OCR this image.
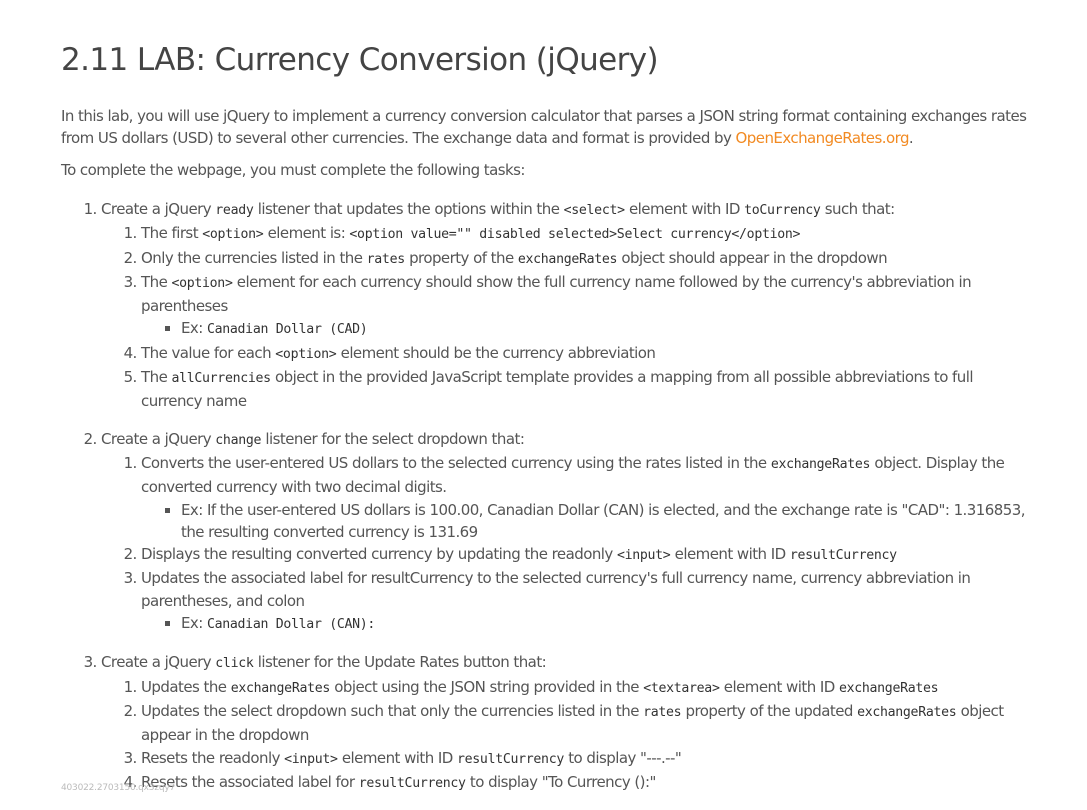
2.11 LAB: Currency Conversion (jQuery)

In this lab, you will use jQuery to implement a currency conversion calculator that parses a JSON string format containing exchanges rates from US dollars (USD) to several other currencies. The exchange data and format is provided by OpenExchangeRates.org.

To complete the webpage, you must complete the following tasks:

1. Create a jQuery ready listener that updates the options within the <select> element with ID toCurrency such that:
1. The first <option> element is: <option value="" disabled selected>Select currency</option>
2. Only the currencies listed in the rates property of the exchangeRates object should appear in the dropdown
3. The <option> element for each currency should show the full currency name followed by the currency's abbreviation in parentheses
▪ Ex: Canadian Dollar (CAD)
4. The value for each <option> element should be the currency abbreviation
5. The allCurrencies object in the provided JavaScript template provides a mapping from all possible abbreviations to full currency name
2. Create a jQuery change listener for the select dropdown that:
1. Converts the user-entered US dollars to the selected currency using the rates listed in the exchangeRates object. Display the converted currency with two decimal digits.
▪ Ex: If the user-entered US dollars is 100.00, Canadian Dollar (CAN) is elected, and the exchange rate is "CAD": 1.316853, the resulting converted currency is 131.69
2. Displays the resulting converted currency by updating the readonly <input> element with ID resultCurrency
3. Updates the associated label for resultCurrency to the selected currency's full currency name, currency abbreviation in parentheses, and colon
▪ Ex: Canadian Dollar (CAN):
3. Create a jQuery click listener for the Update Rates button that:
1. Updates the exchangeRates object using the JSON string provided in the <textarea> element with ID exchangeRates
2. Updates the select dropdown such that only the currencies listed in the rates property of the updated exchangeRates object appear in the dropdown
3. Resets the readonly <input> element with ID resultCurrency to display "---.--"
4. Resets the associated label for resultCurrency to display "To Currency ():"
403022.2703150.qx3zqy7
